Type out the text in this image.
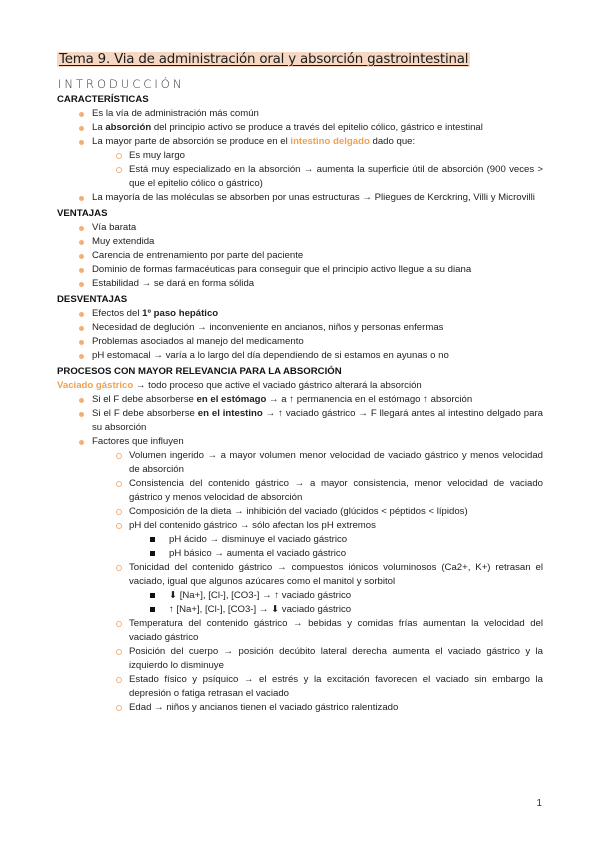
Tema 9. Via de administración oral y absorción gastrointestinal
INTRODUCCIÓN
CARACTERÍSTICAS
Es la vía de administración más común
La absorción del principio activo se produce a través del epitelio cólico, gástrico e intestinal
La mayor parte de absorción se produce en el intestino delgado dado que:
Es muy largo
Está muy especializado en la absorción → aumenta la superficie útil de absorción (900 veces > que el epitelio cólico o gástrico)
La mayoría de las moléculas se absorben por unas estructuras → Pliegues de Kerckring, Villi y Microvilli
VENTAJAS
Vía barata
Muy extendida
Carencia de entrenamiento por parte del paciente
Dominio de formas farmacéuticas para conseguir que el principio activo llegue a su diana
Estabilidad → se dará en forma sólida
DESVENTAJAS
Efectos del 1º paso hepático
Necesidad de deglución → inconveniente en ancianos, niños y personas enfermas
Problemas asociados al manejo del medicamento
pH estomacal → varía a lo largo del día dependiendo de si estamos en ayunas o no
PROCESOS CON MAYOR RELEVANCIA PARA LA ABSORCIÓN
Vaciado gástrico → todo proceso que active el vaciado gástrico alterará la absorción
Si el F debe absorberse en el estómago → a ↑ permanencia en el estómago ↑ absorción
Si el F debe absorberse en el intestino → ↑ vaciado gástrico → F llegará antes al intestino delgado para su absorción
Factores que influyen
Volumen ingerido → a mayor volumen menor velocidad de vaciado gástrico y menos velocidad de absorción
Consistencia del contenido gástrico → a mayor consistencia, menor velocidad de vaciado gástrico y menos velocidad de absorción
Composición de la dieta → inhibición del vaciado (glúcidos < péptidos < lípidos)
pH del contenido gástrico → sólo afectan los pH extremos
pH ácido → disminuye el vaciado gástrico
pH básico → aumenta el vaciado gástrico
Tonicidad del contenido gástrico → compuestos iónicos voluminosos (Ca2+, K+) retrasan el vaciado, igual que algunos azúcares como el manitol y sorbitol
⬇ [Na+], [Cl-], [CO3-] → ↑ vaciado gástrico
↑ [Na+], [Cl-], [CO3-] → ⬇ vaciado gástrico
Temperatura del contenido gástrico → bebidas y comidas frías aumentan la velocidad del vaciado gástrico
Posición del cuerpo → posición decúbito lateral derecha aumenta el vaciado gástrico y la izquierdo lo disminuye
Estado físico y psíquico → el estrés y la excitación favorecen el vaciado sin embargo la depresión o fatiga retrasan el vaciado
Edad → niños y ancianos tienen el vaciado gástrico ralentizado
1
